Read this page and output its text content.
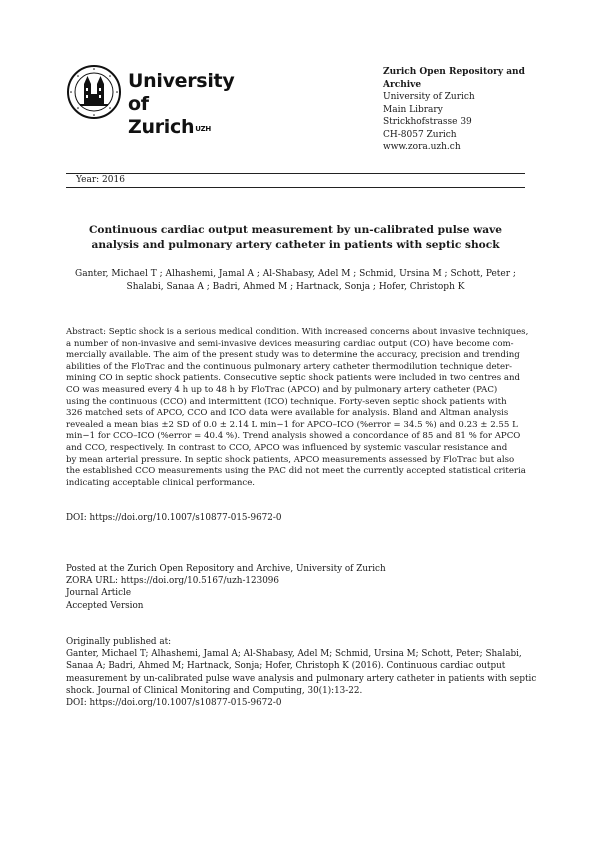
University of
Zurich$^{UZH}$
Zurich Open Repository and
Archive
University of Zurich
Main Library
Strickhofstrasse 39
CH-8057 Zurich
www.zora.uzh.ch
Year: 2016
Continuous cardiac output measurement by un-calibrated pulse wave
analysis and pulmonary artery catheter in patients with septic shock
Ganter, Michael T ; Alhashemi, Jamal A ; Al-Shabasy, Adel M ; Schmid, Ursina M ; Schott, Peter ;
Shalabi, Sanaa A ; Badri, Ahmed M ; Hartnack, Sonja ; Hofer, Christoph K
Abstract: Septic shock is a serious medical condition. With increased concerns about invasive techniques,
a number of non-invasive and semi-invasive devices measuring cardiac output (CO) have become com-
mercially available. The aim of the present study was to determine the accuracy, precision and trending
abilities of the FloTrac and the continuous pulmonary artery catheter thermodilution technique deter-
mining CO in septic shock patients. Consecutive septic shock patients were included in two centres and
CO was measured every 4 h up to 48 h by FloTrac (APCO) and by pulmonary artery catheter (PAC)
using the continuous (CCO) and intermittent (ICO) technique. Forty-seven septic shock patients with
326 matched sets of APCO, CCO and ICO data were available for analysis. Bland and Altman analysis
revealed a mean bias ±2 SD of 0.0 ± 2.14 L min−1 for APCO–ICO (%error = 34.5 %) and 0.23 ± 2.55 L
min−1 for CCO–ICO (%error = 40.4 %). Trend analysis showed a concordance of 85 and 81 % for APCO
and CCO, respectively. In contrast to CCO, APCO was influenced by systemic vascular resistance and
by mean arterial pressure. In septic shock patients, APCO measurements assessed by FloTrac but also
the established CCO measurements using the PAC did not meet the currently accepted statistical criteria
indicating acceptable clinical performance.
DOI: https://doi.org/10.1007/s10877-015-9672-0
Posted at the Zurich Open Repository and Archive, University of Zurich
ZORA URL: https://doi.org/10.5167/uzh-123096
Journal Article
Accepted Version
Originally published at:
Ganter, Michael T; Alhashemi, Jamal A; Al-Shabasy, Adel M; Schmid, Ursina M; Schott, Peter; Shalabi,
Sanaa A; Badri, Ahmed M; Hartnack, Sonja; Hofer, Christoph K (2016). Continuous cardiac output
measurement by un-calibrated pulse wave analysis and pulmonary artery catheter in patients with septic
shock. Journal of Clinical Monitoring and Computing, 30(1):13-22.
DOI: https://doi.org/10.1007/s10877-015-9672-0
